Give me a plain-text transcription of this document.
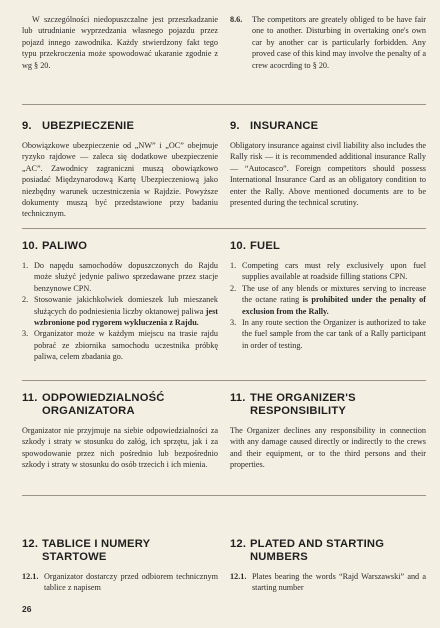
W szczególności niedopuszczalne jest przeszkadzanie lub utrudnianie wyprzedzania własnego pojazdu przez pojazd innego zawodnika. Każdy stwierdzony fakt tego typu przekroczenia może spowodować ukaranie zgodnie z wg § 20.

9. UBEZPIECZENIE

Obowiązkowe ubezpieczenie od „NW” i „OC” obejmuje ryzyko rajdowe — zaleca się dodatkowe ubezpieczenie „AC”. Zawodnicy zagraniczni muszą obowiązkowo posiadać Międzynarodową Kartę Ubezpieczeniową jako niezbędny warunek uczestniczenia w Rajdzie. Powyższe dokumenty muszą być przedstawione przy badaniu technicznym.

10. PALIWO
1. Do napędu samochodów dopuszczonych do Rajdu może służyć jedynie paliwo sprzedawane przez stacje benzynowe CPN.
2. Stosowanie jakichkolwiek domieszek lub mieszanek służących do podniesienia liczby oktanowej paliwa jest wzbronione pod rygorem wykluczenia z Rajdu.
3. Organizator może w każdym miejscu na trasie rajdu pobrać ze zbiornika samochodu uczestnika próbkę paliwa, celem zbadania go.
11. ODPOWIEDZIALNOŚĆ
ORGANIZATORA

Organizator nie przyjmuje na siebie odpowiedzialności za szkody i straty w stosunku do załóg, ich sprzętu, jak i za spowodowanie przez nich pośrednio lub bezpośrednio szkody i straty w stosunku do osób trzecich i ich mienia.

12. TABLICE I NUMERY
STARTOWE
12.1. Organizator dostarczy przed odbiorem technicznym tablice z napisem
8.6. The competitors are greately obliged to be have fair one to another. Disturbing in overtaking one's own car by another car is particularly forbidden. Any proved case of this kind may involve the penalty of a crew acocrding to § 20.
9. INSURANCE

Obligatory insurance against civil liability also includes the Rally risk — it is recommended additional insurance Rally — “Autocasco”. Foreign competitors should possess International Insurance Card as an obligatory condition to enter the Rally. Above mentioned documents are to be presented during the technical scrutiny.

10. FUEL
1. Competing cars must rely exclusively upon fuel supplies available at roadside filling stations CPN.
2. The use of any blends or mixtures serving to increase the octane rating is prohibited under the penalty of exclusion from the Rally.
3. In any route section the Organizer is authorized to take the fuel sample from the car tank of a Rally participant in order of testing.
11. THE ORGANIZER'S
RESPONSIBILITY

The Organizer declines any responsibility in connection with any damage caused directly or indirectly to the crews and their equipment, or to the third persons and their properties.

12. PLATED AND STARTING
NUMBERS
12.1. Plates bearing the words “Rajd Warszawski” and a starting number
26
